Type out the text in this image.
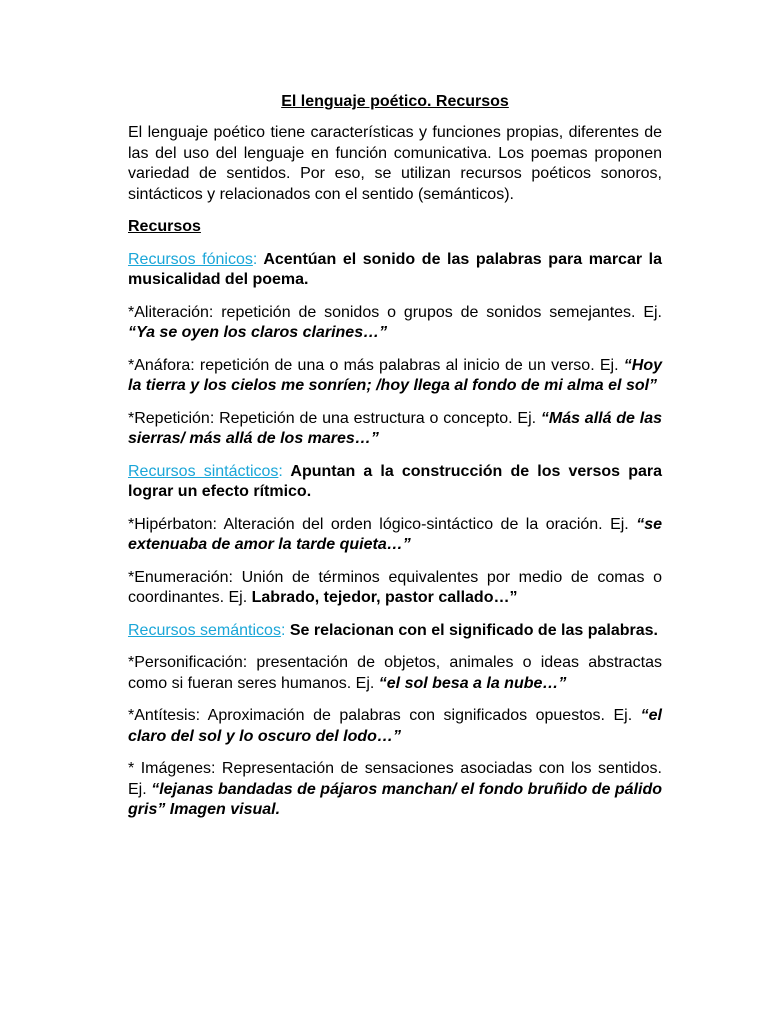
El lenguaje poético. Recursos

El lenguaje poético tiene características y funciones propias, diferentes de las del uso del lenguaje en función comunicativa. Los poemas proponen variedad de sentidos. Por eso, se utilizan recursos poéticos sonoros, sintácticos y relacionados con el sentido (semánticos).

Recursos

Recursos fónicos: Acentúan el sonido de las palabras para marcar la musicalidad del poema.

*Aliteración: repetición de sonidos o grupos de sonidos semejantes. Ej. “Ya se oyen los claros clarines…”

*Anáfora: repetición de una o más palabras al inicio de un verso. Ej. “Hoy la tierra y los cielos me sonríen; /hoy llega al fondo de mi alma el sol”

*Repetición: Repetición de una estructura o concepto. Ej. “Más allá de las sierras/ más allá de los mares…”

Recursos sintácticos: Apuntan a la construcción de los versos para lograr un efecto rítmico.

*Hipérbaton: Alteración del orden lógico-sintáctico de la oración. Ej. “se extenuaba de amor la tarde quieta…”

*Enumeración: Unión de términos equivalentes por medio de comas o coordinantes. Ej. Labrado, tejedor, pastor callado…”

Recursos semánticos: Se relacionan con el significado de las palabras.

*Personificación: presentación de objetos, animales o ideas abstractas como si fueran seres humanos. Ej. “el sol besa a la nube…”

*Antítesis: Aproximación de palabras con significados opuestos. Ej. “el claro del sol y lo oscuro del lodo…”

* Imágenes: Representación de sensaciones asociadas con los sentidos. Ej. “lejanas bandadas de pájaros manchan/ el fondo bruñido de pálido gris” Imagen visual.
